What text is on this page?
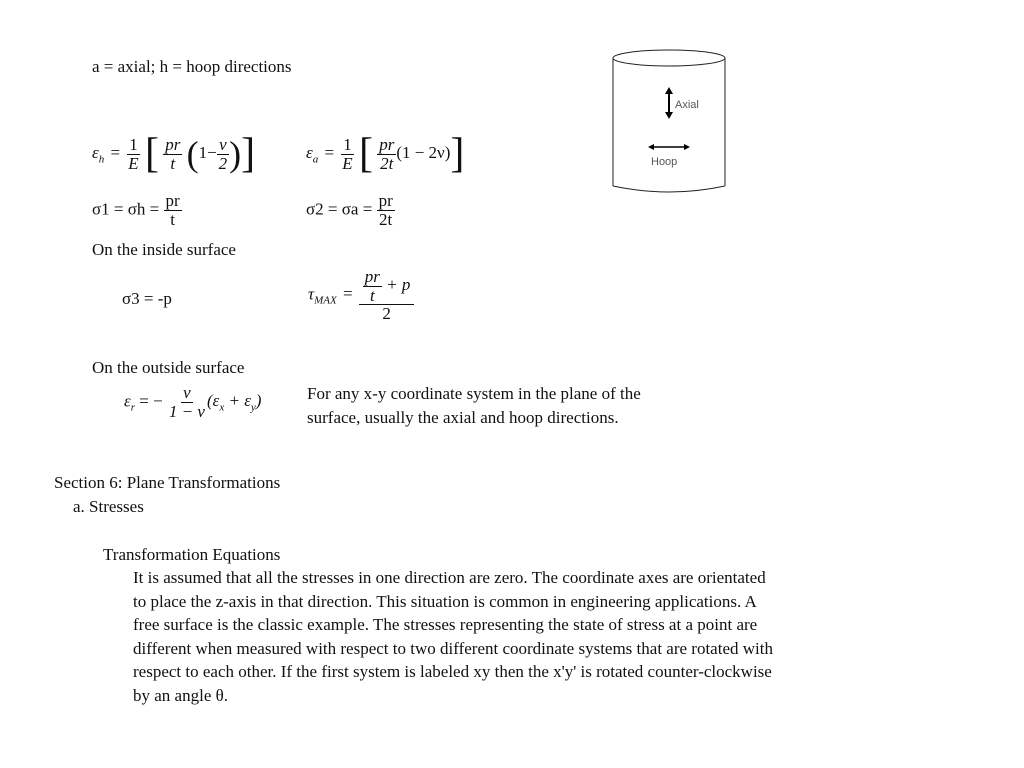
a = axial; h = hoop directions
Axial
Hoop
$\varepsilon_h = \frac{1}{E}$ [ $\frac{pr}{t} (1- \frac{\nu}{2}$ )]	$\varepsilon_a = \frac{1}{E}$ [ $\frac{pr}{2t} (1 - 2\nu)$]
$\sigma 1 = \sigma h = \frac{pr}{t}$	$\sigma 2 = \sigma a = \frac{pr}{2t}$
On the inside surface
σ3 = -p	$\tau_{MAX} = \frac{\frac{pr}{t} + p}{2}$
On the outside surface
$\varepsilon_r$ = − $\frac{\nu}{1 - \nu} (\varepsilon_x + \varepsilon_y)$	For any x-y coordinate system in the plane of the
surface, usually the axial and hoop directions.
Section 6: Plane Transformations
a. Stresses
Transformation Equations
It is assumed that all the stresses in one direction are zero. The coordinate axes are orientated to place the z-axis in that direction. This situation is common in engineering applications. A free surface is the classic example. The stresses representing the state of stress at a point are different when measured with respect to two different coordinate systems that are rotated with respect to each other. If the first system is labeled xy then the x'y' is rotated counter-clockwise by an angle θ.
